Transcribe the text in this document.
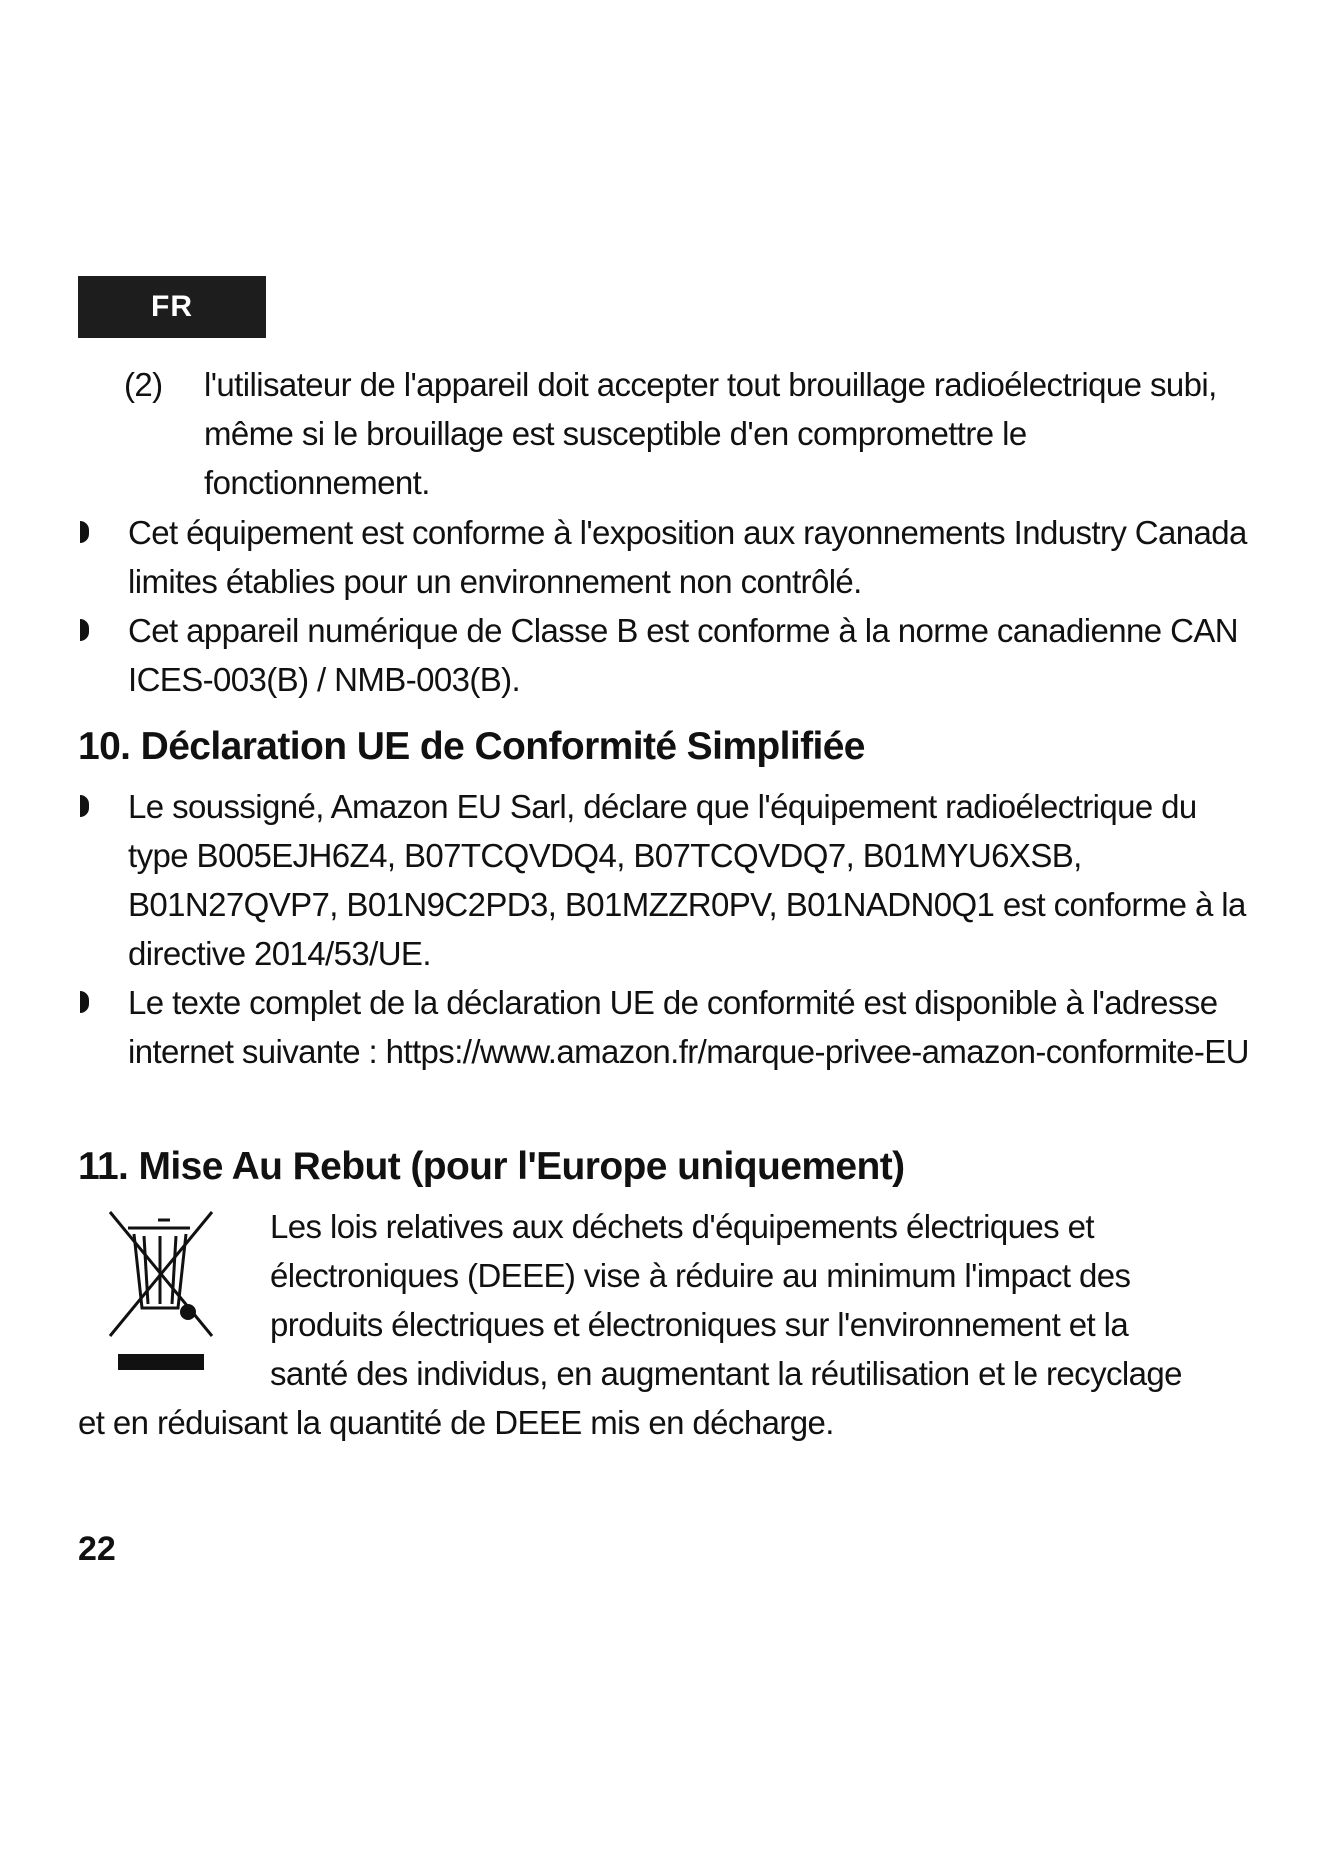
FR
(2)	l'utilisateur de l'appareil doit accepter tout brouillage radioélectrique subi, même si le brouillage est susceptible d'en compromettre le fonctionnement.
Cet équipement est conforme à l'exposition aux rayonnements Industry Canada limites établies pour un environnement non contrôlé.
Cet appareil numérique de Classe B est conforme à la norme canadienne CAN ICES-003(B) / NMB-003(B).
10. Déclaration UE de Conformité Simplifiée
Le soussigné, Amazon EU Sarl, déclare que l'équipement radioélectrique du type B005EJH6Z4, B07TCQVDQ4, B07TCQVDQ7, B01MYU6XSB, B01N27QVP7, B01N9C2PD3, B01MZZR0PV, B01NADN0Q1 est conforme à la directive 2014/53/UE.
Le texte complet de la déclaration UE de conformité est disponible à l'adresse internet suivante : https://www.amazon.fr/marque-privee-amazon-conformite-EU
11. Mise Au Rebut (pour l'Europe uniquement)
Les lois relatives aux déchets d'équipements électriques et
électroniques (DEEE) vise à réduire au minimum l'impact des
produits électriques et électroniques sur l'environnement et la
santé des individus, en augmentant la réutilisation et le recyclage
et en réduisant la quantité de DEEE mis en décharge.
22
